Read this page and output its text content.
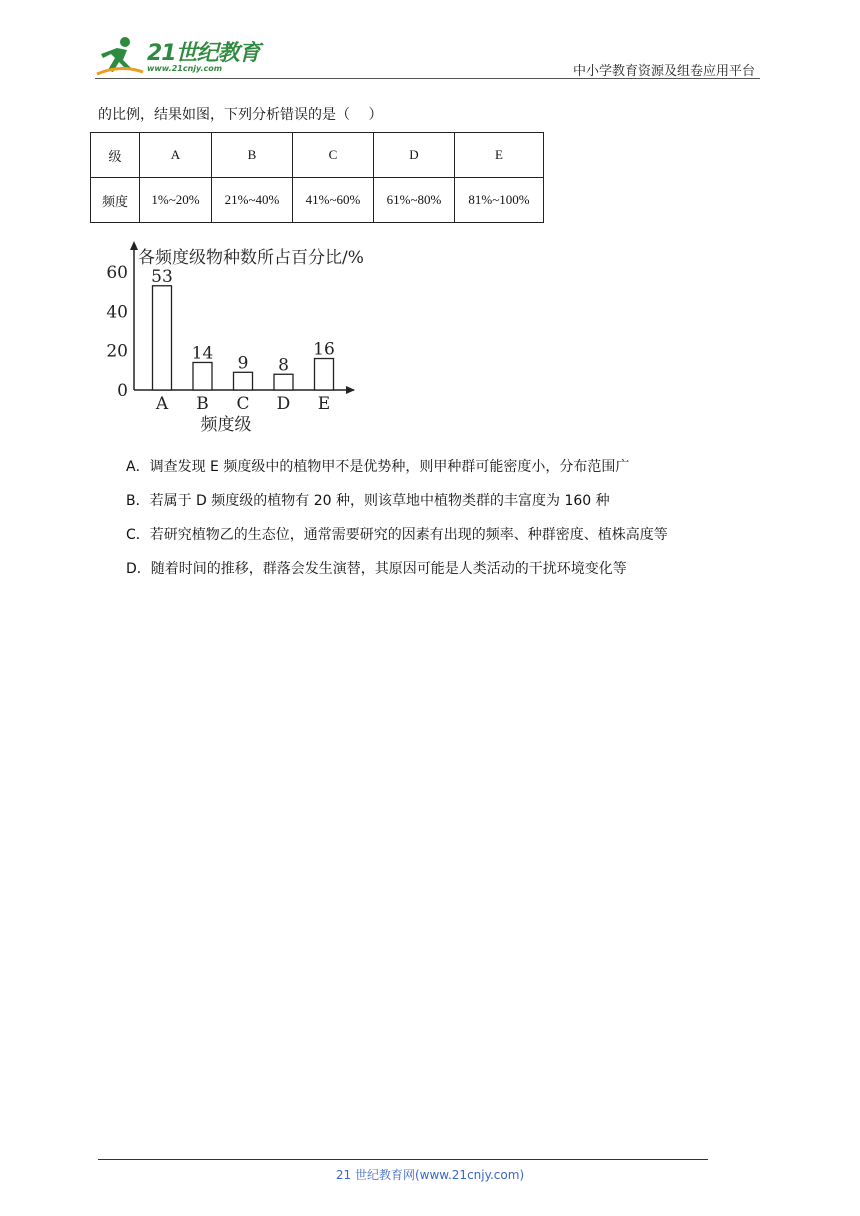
21世纪教育
www.21cnjy.com	中小学教育资源及组卷应用平台
的比例，结果如图，下列分析错误的是（　 ）
级	A	B	C	D	E
频度	1%~20%	21%~40%	41%~60%	61%~80%	81%~100%
0
20
40
60
各频度级物种数所占百分比/%
53
A
14
B
9
C
8
D
16
E
频度级
A．调查发现 E 频度级中的植物甲不是优势种，则甲种群可能密度小，分布范围广
B．若属于 D 频度级的植物有 20 种，则该草地中植物类群的丰富度为 160 种
C．若研究植物乙的生态位，通常需要研究的因素有出现的频率、种群密度、植株高度等
D．随着时间的推移，群落会发生演替，其原因可能是人类活动的干扰环境变化等
21 世纪教育网(www.21cnjy.com)
